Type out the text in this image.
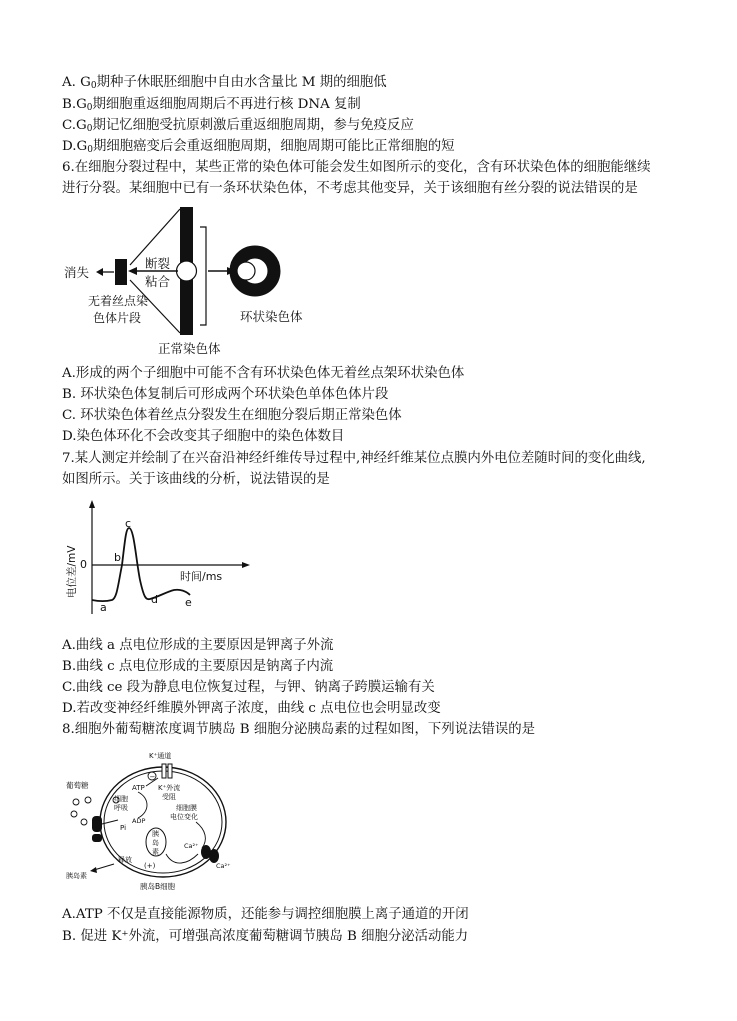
A. $G_0$期种子休眠胚细胞中自由水含量比 M 期的细胞低
$B.G_0$期细胞重返细胞周期后不再进行核 DNA 复制
$C.G_0$期记忆细胞受抗原刺激后重返细胞周期，参与免疫反应
$D.G_0$期细胞癌变后会重返细胞周期，细胞周期可能比正常细胞的短
6.在细胞分裂过程中，某些正常的染色体可能会发生如图所示的变化，含有环状染色体的细胞能继续
进行分裂。某细胞中已有一条环状染色体，不考虑其他变异，关于该细胞有丝分裂的说法错误的是
消失
断裂
粘合
无着丝点染
色体片段	环状染色体
正常染色体
A.形成的两个子细胞中可能不含有环状染色体无着丝点架环状染色体
B. 环状染色体复制后可形成两个环状染色单体色体片段
C. 环状染色体着丝点分裂发生在细胞分裂后期正常染色体
D.染色体环化不会改变其子细胞中的染色体数目
7.某人测定并绘制了在兴奋沿神经纤维传导过程中,神经纤维某位点膜内外电位差随时间的变化曲线,
如图所示。关于该曲线的分析，说法错误的是
电位差/mV 0
时间/ms
a
b
c
d e
A.曲线 a 点电位形成的主要原因是钾离子外流
B.曲线 c 点电位形成的主要原因是钠离子内流
C.曲线 ce 段为静息电位恢复过程，与钾、钠离子跨膜运输有关
D.若改变神经纤维膜外钾离子浓度，曲线 c 点电位也会明显改变
8.细胞外葡萄糖浓度调节胰岛 B 细胞分泌胰岛素的过程如图，下列说法错误的是
K⁺通道
葡萄糖
细胞
呼吸
ATP
ADP
Pi
−
K⁺外流
受阻
细胞膜
电位变化
胰
岛
素
释放
(+)
胰岛素
Ca²⁺
Ca²⁺
胰岛B细胞
A.ATP 不仅是直接能源物质，还能参与调控细胞膜上离子通道的开闭
B. 促进 K⁺外流，可增强高浓度葡萄糖调节胰岛 B 细胞分泌活动能力
